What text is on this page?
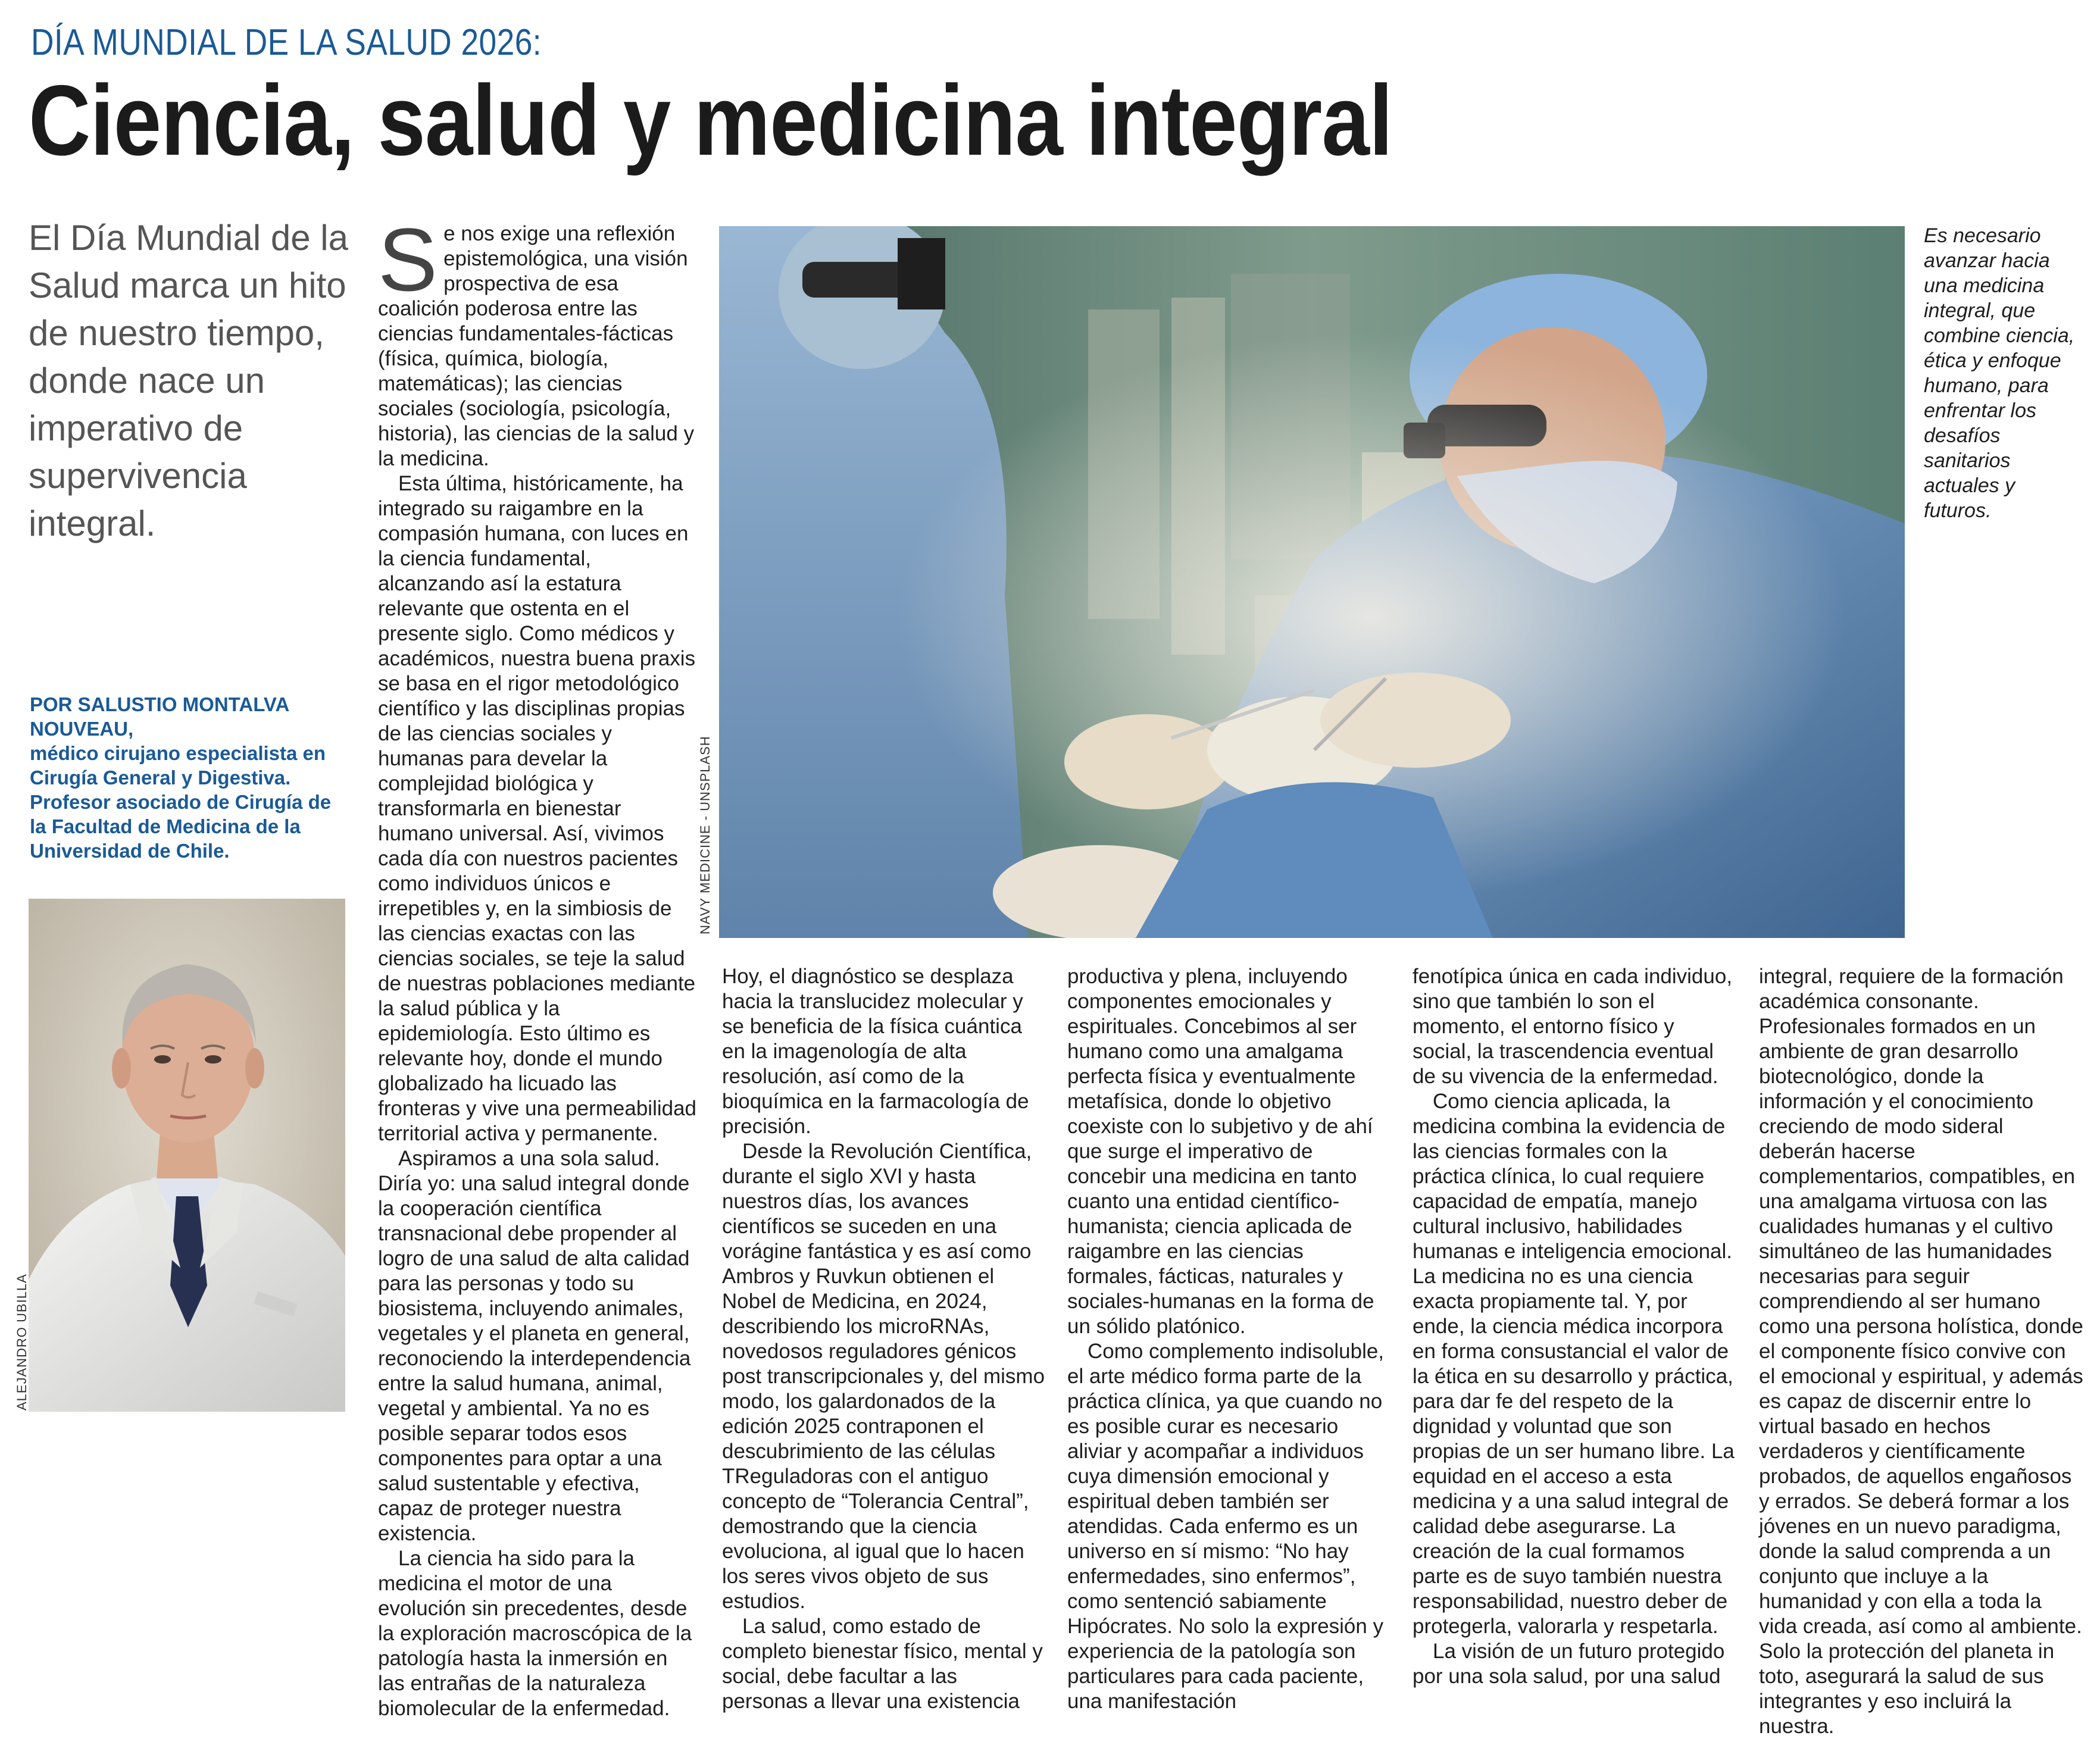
DÍA MUNDIAL DE LA SALUD 2026:
Ciencia, salud y medicina integral
El Día Mundial de la Salud marca un hito de nuestro tiempo, donde nace un imperativo de supervivencia integral.
POR SALUSTIO MONTALVA NOUVEAU,
médico cirujano especialista en Cirugía General y Digestiva. Profesor asociado de Cirugía de la Facultad de Medicina de la Universidad de Chile.
ALEJANDRO UBILLA
S e nos exige una reflexión epistemológica, una visión prospectiva de esa coalición poderosa entre las ciencias fundamentales-fácticas (física, química, biología, matemáticas); las ciencias sociales (sociología, psicología, historia), las ciencias de la salud y la medicina.

Esta última, históricamente, ha integrado su raigambre en la compasión humana, con luces en la ciencia fundamental, alcanzando así la estatura relevante que ostenta en el presente siglo. Como médicos y académicos, nuestra buena praxis se basa en el rigor metodológico científico y las disciplinas propias de las ciencias sociales y humanas para develar la complejidad biológica y transformarla en bienestar humano universal. Así, vivimos cada día con nuestros pacientes como individuos únicos e irrepetibles y, en la simbiosis de las ciencias exactas con las ciencias sociales, se teje la salud de nuestras poblaciones mediante la salud pública y la epidemiología. Esto último es relevante hoy, donde el mundo globalizado ha licuado las fronteras y vive una permeabilidad territorial activa y permanente.

Aspiramos a una sola salud. Diría yo: una salud integral donde la cooperación científica transnacional debe propender al logro de una salud de alta calidad para las personas y todo su biosistema, incluyendo animales, vegetales y el planeta en general, reconociendo la interdependencia entre la salud humana, animal, vegetal y ambiental. Ya no es posible separar todos esos componentes para optar a una salud sustentable y efectiva, capaz de proteger nuestra existencia.

La ciencia ha sido para la medicina el motor de una evolución sin precedentes, desde la exploración macroscópica de la patología hasta la inmersión en las entrañas de la naturaleza biomolecular de la enfermedad.

NAVY MEDICINE - UNSPLASH
Es necesario avanzar hacia una medicina integral, que combine ciencia, ética y enfoque humano, para enfrentar los desafíos sanitarios actuales y futuros.

Hoy, el diagnóstico se desplaza hacia la translucidez molecular y se beneficia de la física cuántica en la imagenología de alta resolución, así como de la bioquímica en la farmacología de precisión.

Desde la Revolución Científica, durante el siglo XVI y hasta nuestros días, los avances científicos se suceden en una vorágine fantástica y es así como Ambros y Ruvkun obtienen el Nobel de Medicina, en 2024, describiendo los microRNAs, novedosos reguladores génicos post transcripcionales y, del mismo modo, los galardonados de la edición 2025 contraponen el descubrimiento de las células TReguladoras con el antiguo concepto de “Tolerancia Central”, demostrando que la ciencia evoluciona, al igual que lo hacen los seres vivos objeto de sus estudios.

La salud, como estado de completo bienestar físico, mental y social, debe facultar a las personas a llevar una existencia

productiva y plena, incluyendo componentes emocionales y espirituales. Concebimos al ser humano como una amalgama perfecta física y eventualmente metafísica, donde lo objetivo coexiste con lo subjetivo y de ahí que surge el imperativo de concebir una medicina en tanto cuanto una entidad científico-humanista; ciencia aplicada de raigambre en las ciencias formales, fácticas, naturales y sociales-humanas en la forma de un sólido platónico.

Como complemento indisoluble, el arte médico forma parte de la práctica clínica, ya que cuando no es posible curar es necesario aliviar y acompañar a individuos cuya dimensión emocional y espiritual deben también ser atendidas. Cada enfermo es un universo en sí mismo: “No hay enfermedades, sino enfermos”, como sentenció sabiamente Hipócrates. No solo la expresión y experiencia de la patología son particulares para cada paciente, una manifestación

fenotípica única en cada individuo, sino que también lo son el momento, el entorno físico y social, la trascendencia eventual de su vivencia de la enfermedad.

Como ciencia aplicada, la medicina combina la evidencia de las ciencias formales con la práctica clínica, lo cual requiere capacidad de empatía, manejo cultural inclusivo, habilidades humanas e inteligencia emocional. La medicina no es una ciencia exacta propiamente tal. Y, por ende, la ciencia médica incorpora en forma consustancial el valor de la ética en su desarrollo y práctica, para dar fe del respeto de la dignidad y voluntad que son propias de un ser humano libre. La equidad en el acceso a esta medicina y a una salud integral de calidad debe asegurarse. La creación de la cual formamos parte es de suyo también nuestra responsabilidad, nuestro deber de protegerla, valorarla y respetarla.

La visión de un futuro protegido por una sola salud, por una salud

integral, requiere de la formación académica consonante. Profesionales formados en un ambiente de gran desarrollo biotecnológico, donde la información y el conocimiento creciendo de modo sideral deberán hacerse complementarios, compatibles, en una amalgama virtuosa con las cualidades humanas y el cultivo simultáneo de las humanidades necesarias para seguir comprendiendo al ser humano como una persona holística, donde el componente físico convive con el emocional y espiritual, y además es capaz de discernir entre lo virtual basado en hechos verdaderos y científicamente probados, de aquellos engañosos y errados. Se deberá formar a los jóvenes en un nuevo paradigma, donde la salud comprenda a un conjunto que incluye a la humanidad y con ella a toda la vida creada, así como al ambiente. Solo la protección del planeta in toto, asegurará la salud de sus integrantes y eso incluirá la nuestra.
